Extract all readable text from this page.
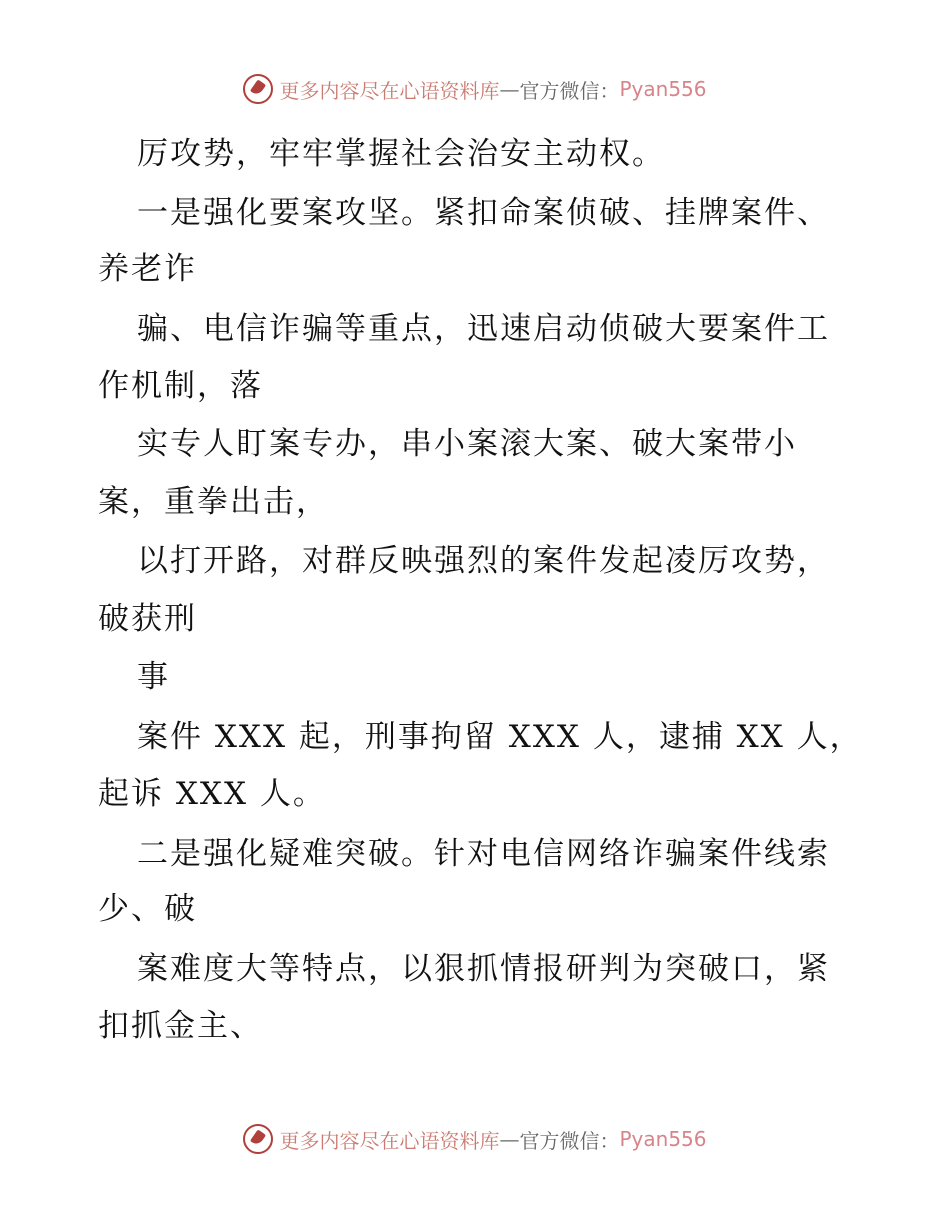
更多内容尽在心语资料库 — 官方微信： Pyan556
厉攻势，牢牢掌握社会治安主动权。
一是强化要案攻坚。紧扣命案侦破、挂牌案件、
养老诈
骗、电信诈骗等重点，迅速启动侦破大要案件工
作机制，落
实专人盯案专办，串小案滚大案、破大案带小
案，重拳出击，
以打开路，对群反映强烈的案件发起凌厉攻势，
破获刑
事
案件 XXX 起，刑事拘留 XXX 人，逮捕 XX 人，
起诉 XXX 人。
二是强化疑难突破。针对电信网络诈骗案件线索
少、破
案难度大等特点，以狠抓情报研判为突破口，紧
扣抓金主、
更多内容尽在心语资料库 — 官方微信： Pyan556
